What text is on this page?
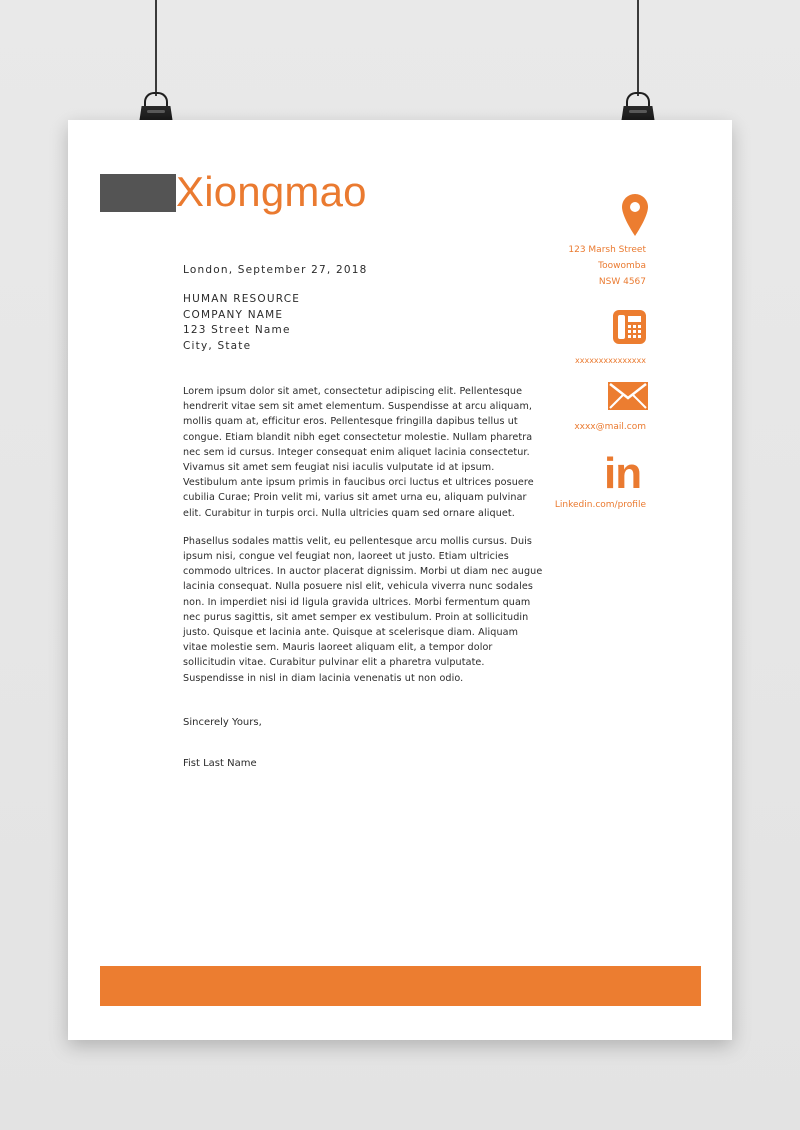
Xiongmao
London, September 27, 2018
HUMAN RESOURCE
COMPANY NAME
123 Street Name
City, State
Lorem ipsum dolor sit amet, consectetur adipiscing elit. Pellentesque hendrerit vitae sem sit amet elementum. Suspendisse at arcu aliquam, mollis quam at, efficitur eros. Pellentesque fringilla dapibus tellus ut congue. Etiam blandit nibh eget consectetur molestie. Nullam pharetra nec sem id cursus. Integer consequat enim aliquet lacinia consectetur. Vivamus sit amet sem feugiat nisi iaculis vulputate id at ipsum. Vestibulum ante ipsum primis in faucibus orci luctus et ultrices posuere cubilia Curae; Proin velit mi, varius sit amet urna eu, aliquam pulvinar elit. Curabitur in turpis orci. Nulla ultricies quam sed ornare aliquet.
Phasellus sodales mattis velit, eu pellentesque arcu mollis cursus. Duis ipsum nisi, congue vel feugiat non, laoreet ut justo. Etiam ultricies commodo ultrices. In auctor placerat dignissim. Morbi ut diam nec augue lacinia consequat. Nulla posuere nisl elit, vehicula viverra nunc sodales non. In imperdiet nisi id ligula gravida ultrices. Morbi fermentum quam nec purus sagittis, sit amet semper ex vestibulum. Proin at sollicitudin justo. Quisque et lacinia ante. Quisque at scelerisque diam. Aliquam vitae molestie sem. Mauris laoreet aliquam elit, a tempor dolor sollicitudin vitae. Curabitur pulvinar elit a pharetra vulputate. Suspendisse in nisl in diam lacinia venenatis ut non odio.
Sincerely Yours,
Fist Last Name
123 Marsh Street
Toowomba
NSW 4567
xxxxxxxxxxxxxxx
xxxx@mail.com
in
Linkedin.com/profile
